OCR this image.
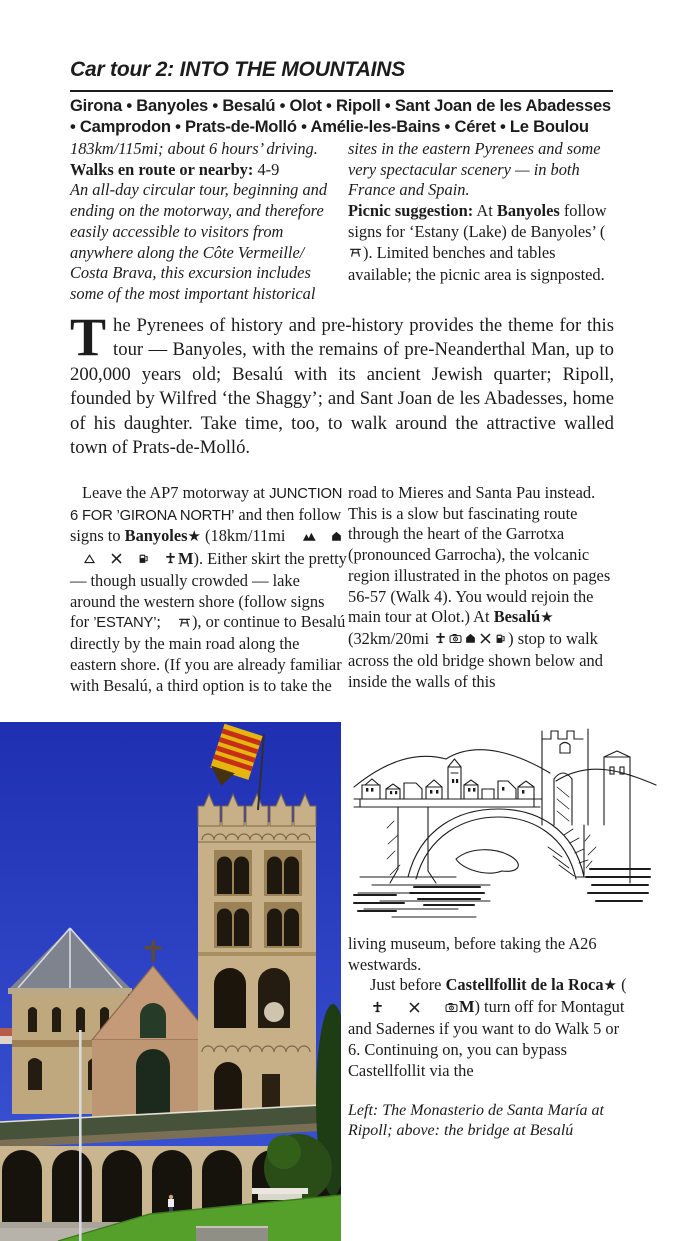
Car tour 2: INTO THE MOUNTAINS
Girona • Banyoles • Besalú • Olot • Ripoll • Sant Joan de les Abadesses
• Camprodon • Prats-de-Molló • Amélie-les-Bains • Céret • Le Boulou
183km/115mi; about 6 hours’ driving.
Walks en route or nearby: 4-9
An all-day circular tour, beginning and ending on the motorway, and therefore easily accessible to visitors from anywhere along the Côte Vermeille/ Costa Brava, this excursion includes some of the most important historical
sites in the eastern Pyrenees and some very spectacular scenery — in both France and Spain.
Picnic suggestion: At Banyoles follow signs for ‘Estany (Lake) de Banyoles’ (). Limited benches and tables available; the picnic area is signposted.
The Pyrenees of history and pre-history provides the theme for this tour — Banyoles, with the remains of pre-Neanderthal Man, up to 200,000 years old; Besalú with its ancient Jewish quarter; Ripoll, founded by Wilfred ‘the Shaggy’; and Sant Joan de les Abadesses, home of his daughter. Take time, too, to walk around the attractive walled town of Prats-de-Molló.
Leave the AP7 motorway at JUNCTION 6 FOR ’GIRONA NORTH’ and then follow signs to Banyoles★ (18km/11mi M). Either skirt the pretty — though usually crowded — lake around the western shore (follow signs for ’ESTANY’; ), or continue to Besalú directly by the main road along the eastern shore. (If you are already familiar with Besalú, a third option is to take the
road to Mieres and Santa Pau instead. This is a slow but fascinating route through the heart of the Garrotxa (pronounced Garrocha), the volcanic region illustrated in the photos on pages 56-57 (Walk 4). You would rejoin the main tour at Olot.) At Besalú★ (32km/20mi	) stop to walk across the old bridge shown below and inside the walls of this
living museum, before taking the A26 westwards.
Just before Castellfollit de la Roca★ (M) turn off for Montagut and Sadernes if you want to do Walk 5 or 6. Continuing on, you can bypass Castellfollit via the
Left: The Monasterio de Santa María at Ripoll; above: the bridge at Besalú
